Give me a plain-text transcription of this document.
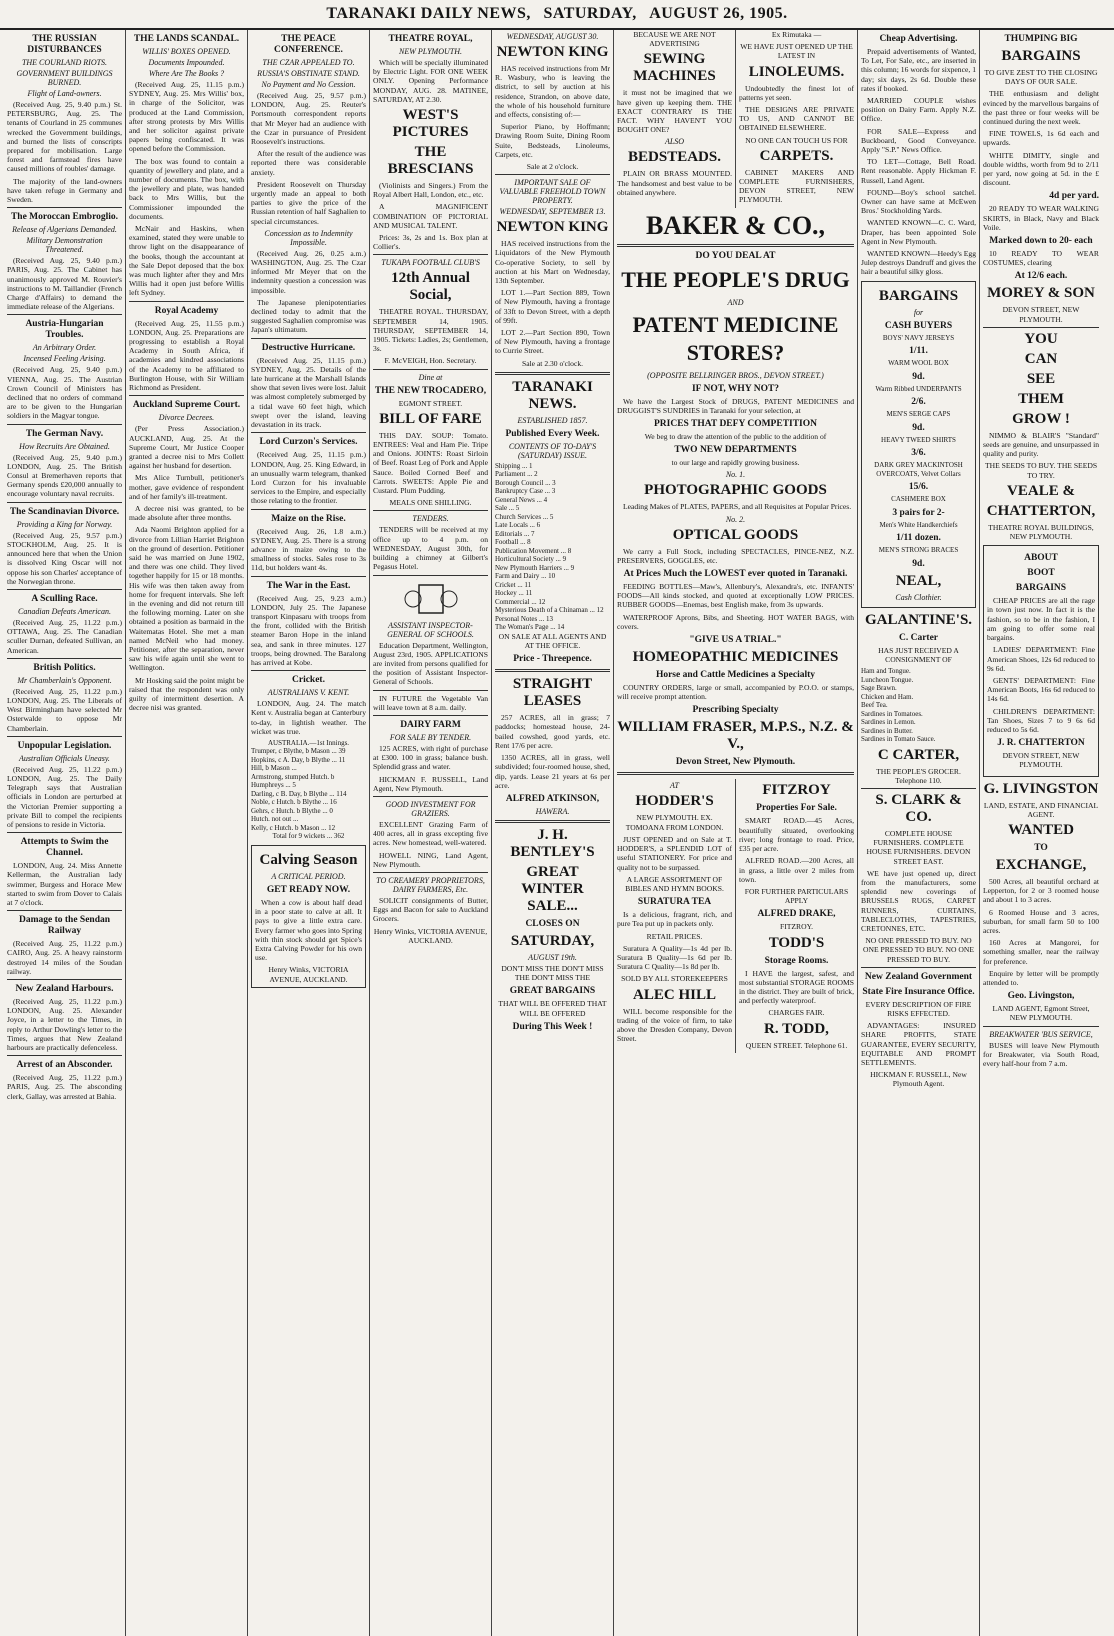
TARANAKI DAILY NEWS, SATURDAY, AUGUST 26, 1905.
THE RUSSIAN DISTURBANCES
THE COURLAND RIOTS.
GOVERNMENT BUILDINGS BURNED.
Flight of Land-owners.

(Received Aug. 25, 9.40 p.m.) St. PETERSBURG, Aug. 25. The tenants of Courland in 25 communes wrecked the Government buildings, and burned the lists of conscripts prepared for mobilisation. Large forest and farmstead fires have caused millions of roubles' damage.

The majority of the land-owners have taken refuge in Germany and Sweden.

The Moroccan Embroglio.
Release of Algerians Demanded.
Military Demonstration Threatened.

(Received Aug. 25, 9.40 p.m.) PARIS, Aug. 25. The Cabinet has unanimously approved M. Rouvier's instructions to M. Taillandier (French Charge d'Affairs) to demand the immediate release of the Algerians.

Austria-Hungarian Troubles.
An Arbitrary Order.
Incensed Feeling Arising.

(Received Aug. 25, 9.40 p.m.) VIENNA, Aug. 25. The Austrian Crown Council of Ministers has declined that no orders of command are to be given to the Hungarian soldiers in the Magyar tongue.

The German Navy.
How Recruits Are Obtained.

(Received Aug. 25, 9.40 p.m.) LONDON, Aug. 25. The British Consul at Bremerhaven reports that Germany spends £20,000 annually to encourage voluntary naval recruits.

The Scandinavian Divorce.
Providing a King for Norway.

(Received Aug. 25, 9.57 p.m.) STOCKHOLM, Aug. 25. It is announced here that when the Union is dissolved King Oscar will not oppose his son Charles' acceptance of the Norwegian throne.

A Sculling Race.
Canadian Defeats American.

(Received Aug. 25, 11.22 p.m.) OTTAWA, Aug. 25. The Canadian sculler Durnan, defeated Sullivan, an American.

British Politics.
Mr Chamberlain's Opponent.

(Received Aug. 25, 11.22 p.m.) LONDON, Aug. 25. The Liberals of West Birmingham have selected Mr Osterwalde to oppose Mr Chamberlain.

Unpopular Legislation.
Australian Officials Uneasy.

(Received Aug. 25, 11.22 p.m.) LONDON, Aug. 25. The Daily Telegraph says that Australian officials in London are perturbed at the Victorian Premier supporting a private Bill to compel the recipients of pensions to reside in Victoria.

Attempts to Swim the Channel.

LONDON, Aug. 24. Miss Annette Kellerman, the Australian lady swimmer, Burgess and Horace Mew started to swim from Dover to Calais at 7 o'clock.

Damage to the Sendan Railway

(Received Aug. 25, 11.22 p.m.) CAIRO, Aug. 25. A heavy rainstorm destroyed 14 miles of the Soudan railway.

New Zealand Harbours.

(Received Aug. 25, 11.22 p.m.) LONDON, Aug. 25. Alexander Joyce, in a letter to the Times, in reply to Arthur Dowling's letter to the Times, argues that New Zealand harbours are practically defenceless.

Arrest of an Absconder.

(Received Aug. 25, 11.22 p.m.) PARIS, Aug. 25. The absconding clerk, Gallay, was arrested at Bahia.

THE LANDS SCANDAL.
WILLIS' BOXES OPENED.
Documents Impounded.
Where Are The Books ?

(Received Aug. 25, 11.15 p.m.) SYDNEY, Aug. 25. Mrs Willis' box, in charge of the Solicitor, was produced at the Land Commission, after strong protests by Mrs Willis and her solicitor against private papers being confiscated. It was opened before the Commission.

The box was found to contain a quantity of jewellery and plate, and a number of documents. The box, with the jewellery and plate, was handed back to Mrs Willis, but the Commissioner impounded the documents.

McNair and Haskins, when examined, stated they were unable to throw light on the disappearance of the books, though the accountant at the Sale Depot deposed that the box was much lighter after they and Mrs Willis had it open just before Willis left Sydney.

Royal Academy

(Received Aug. 25, 11.55 p.m.) LONDON, Aug. 25. Preparations are progressing to establish a Royal Academy in South Africa, if academies and kindred associations of the Academy to be affiliated to Burlington House, with Sir William Richmond as President.

Auckland Supreme Court.
Divorce Decrees.

(Per Press Association.) AUCKLAND, Aug. 25. At the Supreme Court, Mr Justice Cooper granted a decree nisi to Mrs Collett against her husband for desertion.

Mrs Alice Turnbull, petitioner's mother, gave evidence of respondent and of her family's ill-treatment.

A decree nisi was granted, to be made absolute after three months.

Ada Naomi Brighton applied for a divorce from Lillian Harriet Brighton on the ground of desertion. Petitioner said he was married on June 1902, and there was one child. They lived together happily for 15 or 18 months. His wife was then taken away from home for frequent intervals. She left in the evening and did not return till the following morning. Later on she obtained a position as barmaid in the Waitematas Hotel. She met a man named McNeil who had money. Petitioner, after the separation, never saw his wife again until she went to Wellington.

Mr Hosking said the point might be raised that the respondent was only guilty of intermittent desertion. A decree nisi was granted.

THE PEACE CONFERENCE.
THE CZAR APPEALED TO.
RUSSIA'S OBSTINATE STAND.
No Payment and No Cession.

(Received Aug. 25, 9.57 p.m.) LONDON, Aug. 25. Reuter's Portsmouth correspondent reports that Mr Meyer had an audience with the Czar in pursuance of President Roosevelt's instructions.

After the result of the audience was reported there was considerable anxiety.

President Roosevelt on Thursday urgently made an appeal to both parties to give the price of the Russian retention of half Saghalien to special circumstances.

Concession as to Indemnity Impossible.

(Received Aug. 26, 0.25 a.m.) WASHINGTON, Aug. 25. The Czar informed Mr Meyer that on the indemnity question a concession was impossible.

The Japanese plenipotentiaries declined today to admit that the suggested Saghalien compromise was Japan's ultimatum.

Destructive Hurricane.

(Received Aug. 25, 11.15 p.m.) SYDNEY, Aug. 25. Details of the late hurricane at the Marshall Islands show that seven lives were lost. Jaluit was almost completely submerged by a tidal wave 60 feet high, which swept over the island, leaving devastation in its track.

Lord Curzon's Services.

(Received Aug. 25, 11.15 p.m.) LONDON, Aug. 25. King Edward, in an unusually warm telegram, thanked Lord Curzon for his invaluable services to the Empire, and especially those relating to the frontier.

Maize on the Rise.

(Received Aug. 26, 1.8 a.m.) SYDNEY, Aug. 25. There is a strong advance in maize owing to the smallness of stocks. Sales rose to 3s 11d, but holders want 4s.

The War in the East.

(Received Aug. 25, 9.23 a.m.) LONDON, July 25. The Japanese transport Kinpasaru with troops from the front, collided with the British steamer Baron Hope in the inland sea, and sank in three minutes. 127 troops, being drowned. The Baralong has arrived at Kobe.

Cricket.
AUSTRALIANS V. KENT.

LONDON, Aug. 24. The match Kent v. Australia began at Canterbury to-day, in lightish weather. The wicket was true.

AUSTRALIA.—1st Innings.
Trumper, c Blythe, b Mason ... 39
Hopkins, c A. Day, b Blythe ... 11
Hill, b Mason ...
Armstrong, stumped Hutch. b Humphreys ... 5
Darling, c B. Day, b Blythe ... 114
Noble, c Hutch. b Blythe ... 16
Gehrs, c Hutch. b Blythe ... 0
Hutch. not out ...
Kelly, c Hutch. b Mason ... 12
Total for 9 wickets ... 362
Calving Season
A CRITICAL PERIOD.
GET READY NOW.

When a cow is about half dead in a poor state to calve at all. It pays to give a little extra care. Every farmer who goes into Spring with thin stock should get Spice's Extra Calving Powder for his own use.

Henry Winks, VICTORIA AVENUE, AUCKLAND.
THEATRE ROYAL,
NEW PLYMOUTH.

Which will be specially illuminated by Electric Light. FOR ONE WEEK ONLY. Opening Performance MONDAY, AUG. 28. MATINEE, SATURDAY, AT 2.30.

WEST'S PICTURES
THE BRESCIANS

(Violinists and Singers.) From the Royal Albert Hall, London, etc., etc.

A MAGNIFICENT COMBINATION OF PICTORIAL AND MUSICAL TALENT.

Prices: 3s, 2s and 1s. Box plan at Collier's.

TUKAPA FOOTBALL CLUB'S
12th Annual Social,

THEATRE ROYAL. THURSDAY, SEPTEMBER 14, 1905. THURSDAY, SEPTEMBER 14, 1905. Tickets: Ladies, 2s; Gentlemen, 3s.

F. McVEIGH, Hon. Secretary.

Dine at
THE NEW TROCADERO,

EGMONT STREET.

BILL OF FARE

THIS DAY. SOUP: Tomato. ENTREES: Veal and Ham Pie. Tripe and Onions. JOINTS: Roast Sirloin of Beef. Roast Leg of Pork and Apple Sauce. Boiled Corned Beef and Carrots. SWEETS: Apple Pie and Custard. Plum Pudding.

MEALS ONE SHILLING.

TENDERS.

TENDERS will be received at my office up to 4 p.m. on WEDNESDAY, August 30th, for building a chimney at Gilbert's Pegasus Hotel.

ASSISTANT INSPECTOR-GENERAL OF SCHOOLS.

Education Department, Wellington, August 23rd, 1905. APPLICATIONS are invited from persons qualified for the position of Assistant Inspector-General of Schools.

IN FUTURE the Vegetable Van will leave town at 8 a.m. daily.

DAIRY FARM
FOR SALE BY TENDER.

125 ACRES, with right of purchase at £300. 100 in grass; balance bush. Splendid grass and water.

HICKMAN F. RUSSELL, Land Agent, New Plymouth.

GOOD INVESTMENT FOR GRAZIERS.

EXCELLENT Grazing Farm of 400 acres, all in grass excepting five acres. New homestead, well-watered.

HOWELL NING, Land Agent, New Plymouth.

TO CREAMERY PROPRIETORS, DAIRY FARMERS, Etc.

SOLICIT consignments of Butter, Eggs and Bacon for sale to Auckland Grocers.

Henry Winks, VICTORIA AVENUE, AUCKLAND.

WEDNESDAY, AUGUST 30.
NEWTON KING

HAS received instructions from Mr R. Wasbury, who is leaving the district, to sell by auction at his residence, Strandon, on above date, the whole of his household furniture and effects, consisting of:—

Superior Piano, by Hoffmann; Drawing Room Suite, Dining Room Suite, Bedsteads, Linoleums, Carpets, etc.

Sale at 2 o'clock.

IMPORTANT SALE OF VALUABLE FREEHOLD TOWN PROPERTY.
WEDNESDAY, SEPTEMBER 13.
NEWTON KING

HAS received instructions from the Liquidators of the New Plymouth Co-operative Society, to sell by auction at his Mart on Wednesday, 13th September.

LOT 1.—Part Section 889, Town of New Plymouth, having a frontage of 33ft to Devon Street, with a depth of 99ft.

LOT 2.—Part Section 890, Town of New Plymouth, having a frontage to Currie Street.

Sale at 2.30 o'clock.

TARANAKI NEWS.
ESTABLISHED 1857.
Published Every Week.
CONTENTS OF TO-DAY'S (SATURDAY) ISSUE.
Shipping ... 1
Parliament ... 2
Borough Council ... 3
Bankruptcy Case ... 3
General News ... 4
Sale ... 5
Church Services ... 5
Late Locals ... 6
Editorials ... 7
Football ... 8
Publication Movement ... 8
Horticultural Society ... 9
New Plymouth Harriers ... 9
Farm and Dairy ... 10
Cricket ... 11
Hockey ... 11
Commercial ... 12
Mysterious Death of a Chinaman ... 12
Personal Notes ... 13
The Woman's Page ... 14

ON SALE AT ALL AGENTS AND AT THE OFFICE.

Price - Threepence.
STRAIGHT LEASES

257 ACRES, all in grass; 7 paddocks; homestead house, 24-bailed cowshed, good yards, etc. Rent 17/6 per acre.

1350 ACRES, all in grass, well subdivided; four-roomed house, shed, dip, yards. Lease 21 years at 6s per acre.

ALFRED ATKINSON,
HAWERA.
J. H. BENTLEY'S
GREAT WINTER SALE...
CLOSES ON
SATURDAY,
AUGUST 19th.

DON'T MISS THE DON'T MISS THE DON'T MISS THE

GREAT BARGAINS

THAT WILL BE OFFERED THAT WILL BE OFFERED

During This Week !

BECAUSE WE ARE NOT ADVERTISING

SEWING MACHINES

it must not be imagined that we have given up keeping them. THE EXACT CONTRARY IS THE FACT. WHY HAVEN'T YOU BOUGHT ONE?

ALSO
BEDSTEADS.

PLAIN OR BRASS MOUNTED. The handsomest and best value to be obtained anywhere.

Ex Rimutaka —

WE HAVE JUST OPENED UP THE LATEST IN

LINOLEUMS.

Undoubtedly the finest lot of patterns yet seen.

THE DESIGNS ARE PRIVATE TO US, AND CANNOT BE OBTAINED ELSEWHERE.

NO ONE CAN TOUCH US FOR

CARPETS.

CABINET MAKERS AND COMPLETE FURNISHERS, DEVON STREET, NEW PLYMOUTH.

BAKER & CO.,
DO YOU DEAL AT
THE PEOPLE'S DRUG
AND
PATENT MEDICINE STORES?
(OPPOSITE BELLRINGER BROS., DEVON STREET.)
IF NOT, WHY NOT?

We have the Largest Stock of DRUGS, PATENT MEDICINES and DRUGGIST'S SUNDRIES in Taranaki for your selection, at

PRICES THAT DEFY COMPETITION

We beg to draw the attention of the public to the addition of

TWO NEW DEPARTMENTS

to our large and rapidly growing business.

No. 1.
PHOTOGRAPHIC GOODS

Leading Makes of PLATES, PAPERS, and all Requisites at Popular Prices.

No. 2.
OPTICAL GOODS

We carry a Full Stock, including SPECTACLES, PINCE-NEZ, N.Z. PRESERVERS, GOGGLES, etc.

At Prices Much the LOWEST ever quoted in Taranaki.

FEEDING BOTTLES—Maw's, Allenbury's, Alexandra's, etc. INFANTS' FOODS—All kinds stocked, and quoted at exceptionally LOW PRICES. RUBBER GOODS—Enemas, best English make, from 3s upwards.

WATERPROOF Aprons, Bibs, and Sheeting. HOT WATER BAGS, with covers.

"GIVE US A TRIAL."
HOMEOPATHIC MEDICINES
Horse and Cattle Medicines a Specialty

COUNTRY ORDERS, large or small, accompanied by P.O.O. or stamps, will receive prompt attention.

Prescribing Specialty
WILLIAM FRASER, M.P.S., N.Z. & V.,
Devon Street, New Plymouth.
AT
HODDER'S

NEW PLYMOUTH. EX. TOMOANA FROM LONDON.

JUST OPENED and on Sale at T. HODDER'S, a SPLENDID LOT of useful STATIONERY. For price and quality not to be surpassed.

A LARGE ASSORTMENT OF BIBLES AND HYMN BOOKS.

SURATURA TEA

Is a delicious, fragrant, rich, and pure Tea put up in packets only.

RETAIL PRICES.

Suratura A Quality—1s 4d per lb. Suratura B Quality—1s 6d per lb. Suratura C Quality—1s 8d per lb.

SOLD BY ALL STOREKEEPERS

ALEC HILL

WILL become responsible for the trading of the voice of firm, to take above the Dresden Company, Devon Street.

FITZROY
Properties For Sale.

SMART ROAD.—45 Acres, beautifully situated, overlooking river; long frontage to road. Price, £35 per acre.

ALFRED ROAD.—200 Acres, all in grass, a little over 2 miles from town.

FOR FURTHER PARTICULARS APPLY

ALFRED DRAKE,

FITZROY.

TODD'S
Storage Rooms.

I HAVE the largest, safest, and most substantial STORAGE ROOMS in the district. They are built of brick, and perfectly waterproof.

CHARGES FAIR.

R. TODD,

QUEEN STREET. Telephone 61.

Cheap Advertising.

Prepaid advertisements of Wanted, To Let, For Sale, etc., are inserted in this column; 16 words for sixpence, 1 day; six days, 2s 6d. Double these rates if booked.

MARRIED COUPLE wishes position on Dairy Farm. Apply N.Z. Office.

FOR SALE—Express and Buckboard, Good Conveyance. Apply "S.P." News Office.

TO LET—Cottage, Bell Road. Rent reasonable. Apply Hickman F. Russell, Land Agent.

FOUND—Boy's school satchel. Owner can have same at McEwen Bros.' Stockholding Yards.

WANTED KNOWN—C. C. Ward, Draper, has been appointed Sole Agent in New Plymouth.

WANTED KNOWN—Heedy's Egg Julep destroys Dandruff and gives the hair a beautiful silky gloss.

BARGAINS
for
CASH BUYERS
BOYS' NAVY JERSEYS
1/11.
WARM WOOL BOX
9d.
Warm Ribbed UNDERPANTS
2/6.
MEN'S SERGE CAPS
9d.
HEAVY TWEED SHIRTS
3/6.
DARK GREY MACKINTOSH OVERCOATS, Velvet Collars
15/6.
CASHMERE BOX
3 pairs for 2-
Men's White Handkerchiefs
1/11 dozen.
MEN'S STRONG BRACES
9d.
NEAL,
Cash Clothier.
GALANTINE'S.
C. Carter

HAS JUST RECEIVED A CONSIGNMENT OF

Ham and Tongue.
Luncheon Tongue.
Sage Brawn.
Chicken and Ham.
Beef Tea.
Sardines in Tomatoes.
Sardines in Lemon.
Sardines in Butter.
Sardines in Tomato Sauce.
C CARTER,

THE PEOPLE'S GROCER. Telephone 110.

S. CLARK & CO.

COMPLETE HOUSE FURNISHERS. COMPLETE HOUSE FURNISHERS. DEVON STREET EAST.

WE have just opened up, direct from the manufacturers, some splendid new coverings of BRUSSELS RUGS, CARPET RUNNERS, CURTAINS, TABLECLOTHS, TAPESTRIES, CRETONNES, ETC.

NO ONE PRESSED TO BUY. NO ONE PRESSED TO BUY. NO ONE PRESSED TO BUY.

New Zealand Government
State Fire Insurance Office.

EVERY DESCRIPTION OF FIRE RISKS EFFECTED.

ADVANTAGES: INSURED SHARE PROFITS, STATE GUARANTEE, EVERY SECURITY, EQUITABLE AND PROMPT SETTLEMENTS.

HICKMAN F. RUSSELL, New Plymouth Agent.

THUMPING BIG
BARGAINS

TO GIVE ZEST TO THE CLOSING DAYS OF OUR SALE.

THE enthusiasm and delight evinced by the marvellous bargains of the past three or four weeks will be continued during the next week.

FINE TOWELS, 1s 6d each and upwards.

WHITE DIMITY, single and double widths, worth from 9d to 2/11 per yard, now going at 5d. in the £ discount.

4d per yard.

20 READY TO WEAR WALKING SKIRTS, in Black, Navy and Black Voile.

Marked down to 20- each

10 READY TO WEAR COSTUMES, clearing

At 12/6 each.
MOREY & SON

DEVON STREET, NEW PLYMOUTH.

YOU
CAN
SEE
THEM
GROW !

NIMMO & BLAIR'S "Standard" seeds are genuine, and unsurpassed in quality and purity.

THE SEEDS TO BUY. THE SEEDS TO TRY.

VEALE &
CHATTERTON,

THEATRE ROYAL BUILDINGS, NEW PLYMOUTH.

ABOUT
BOOT
BARGAINS

CHEAP PRICES are all the rage in town just now. In fact it is the fashion, so to be in the fashion, I am going to offer some real bargains.

LADIES' DEPARTMENT: Fine American Shoes, 12s 6d reduced to 9s 6d.

GENTS' DEPARTMENT: Fine American Boots, 16s 6d reduced to 14s 6d.

CHILDREN'S DEPARTMENT: Tan Shoes, Sizes 7 to 9 6s 6d reduced to 5s 6d.

J. R. CHATTERTON

DEVON STREET, NEW PLYMOUTH.

G. LIVINGSTON

LAND, ESTATE, AND FINANCIAL AGENT.

WANTED
TO
EXCHANGE,

500 Acres, all beautiful orchard at Lepperton, for 2 or 3 roomed house and about 1 to 3 acres.

6 Roomed House and 3 acres, suburban, for small farm 50 to 100 acres.

160 Acres at Mangorei, for something smaller, near the railway for preference.

Enquire by letter will be promptly attended to.

Geo. Livingston,

LAND AGENT, Egmont Street, NEW PLYMOUTH.

BREAKWATER 'BUS SERVICE,

BUSES will leave New Plymouth for Breakwater, via South Road, every half-hour from 7 a.m.
